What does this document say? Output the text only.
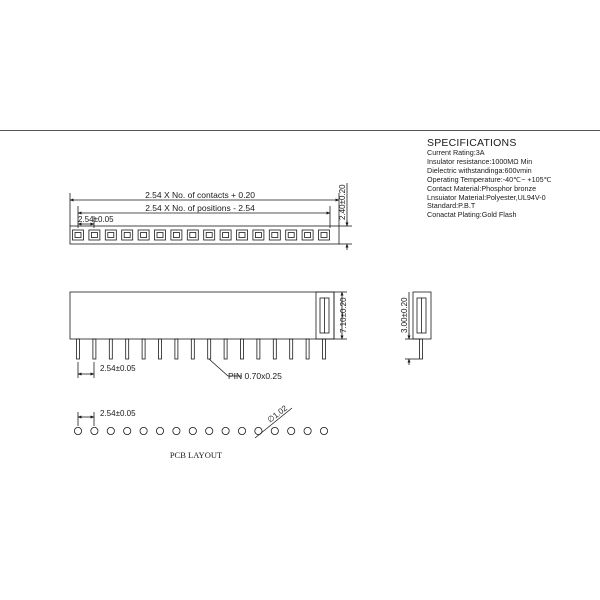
SPECIFICATIONS
Current Rating:3A
Insulator resistance:1000MΩ Min
Dielectric withstandinga:600vmin
Operating Temperature:-40℃~ +105℃
Contact Material:Phosphor bronze
Lnsuiator Material:Polyester,UL94V-0
Standard:P.B.T
Conactat Plating:Gold Flash
2.54 X No. of contacts + 0.20
2.54 X No. of positions - 2.54
2.54±0.05	2.40±0.20
7.10±0.20
2.54±0.05
PIN 0.70x0.25
3.00±0.20
2.54±0.05	∅1.02
PCB LAYOUT
